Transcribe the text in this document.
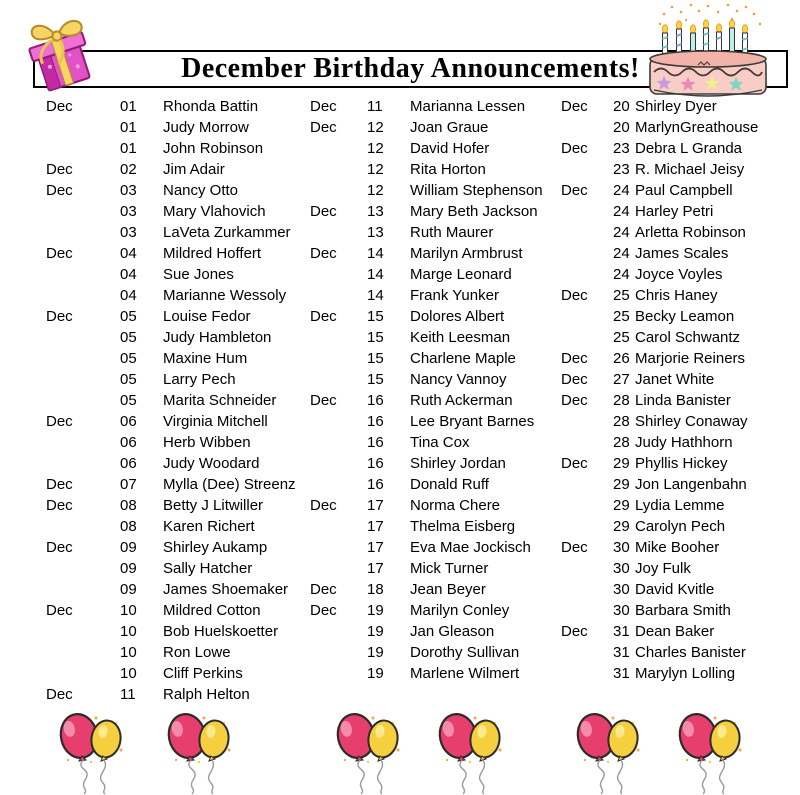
December Birthday Announcements!
Dec	01	Rhonda Battin
01	Judy Morrow
01	John Robinson
Dec	02	Jim Adair
Dec	03	Nancy Otto
03	Mary Vlahovich
03	LaVeta Zurkammer
Dec	04	Mildred Hoffert
04	Sue Jones
04	Marianne Wessoly
Dec	05	Louise Fedor
05	Judy Hambleton
05	Maxine Hum
05	Larry Pech
05	Marita Schneider
Dec	06	Virginia Mitchell
06	Herb Wibben
06	Judy Woodard
Dec	07	Mylla (Dee) Streenz
Dec	08	Betty J Litwiller
08	Karen Richert
Dec	09	Shirley Aukamp
09	Sally Hatcher
09	James Shoemaker
Dec	10	Mildred Cotton
10	Bob Huelskoetter
10	Ron Lowe
10	Cliff Perkins
Dec	11	Ralph Helton
Dec	11	Marianna Lessen
Dec	12	Joan Graue
12	David Hofer
12	Rita Horton
12	William Stephenson
Dec	13	Mary Beth Jackson
13	Ruth Maurer
Dec	14	Marilyn Armbrust
14	Marge Leonard
14	Frank Yunker
Dec	15	Dolores Albert
15	Keith Leesman
15	Charlene Maple
15	Nancy Vannoy
Dec	16	Ruth Ackerman
16	Lee Bryant Barnes
16	Tina Cox
16	Shirley Jordan
16	Donald Ruff
Dec	17	Norma Chere
17	Thelma Eisberg
17	Eva Mae Jockisch
17	Mick Turner
Dec	18	Jean Beyer
Dec	19	Marilyn Conley
19	Jan Gleason
19	Dorothy Sullivan
19	Marlene Wilmert
Dec	20 Shirley Dyer
20 MarlynGreathouse
Dec	23 Debra L Granda
23 R. Michael Jeisy
Dec	24 Paul Campbell
24 Harley Petri
24 Arletta Robinson
24 James Scales
24 Joyce Voyles
Dec	25 Chris Haney
25 Becky Leamon
25 Carol Schwantz
Dec	26 Marjorie Reiners
Dec	27 Janet White
Dec	28 Linda Banister
28 Shirley Conaway
28 Judy Hathhorn
Dec	29 Phyllis Hickey
29 Jon Langenbahn
29 Lydia Lemme
29 Carolyn Pech
Dec	30 Mike Booher
30 Joy Fulk
30 David Kvitle
30 Barbara Smith
Dec	31 Dean Baker
31 Charles Banister
31 Marylyn Lolling
